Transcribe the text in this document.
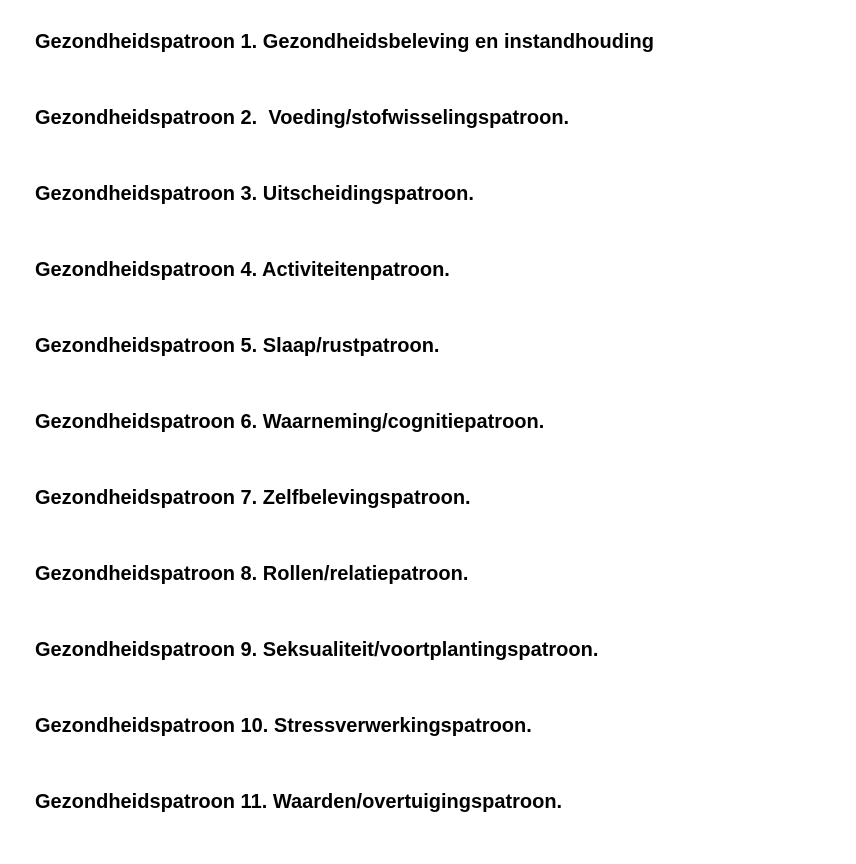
Gezondheidspatroon 1. Gezondheidsbeleving en instandhouding
Gezondheidspatroon 2.  Voeding/stofwisselingspatroon.
Gezondheidspatroon 3. Uitscheidingspatroon.
Gezondheidspatroon 4. Activiteitenpatroon.
Gezondheidspatroon 5. Slaap/rustpatroon.
Gezondheidspatroon 6. Waarneming/cognitiepatroon.
Gezondheidspatroon 7. Zelfbelevingspatroon.
Gezondheidspatroon 8. Rollen/relatiepatroon.
Gezondheidspatroon 9. Seksualiteit/voortplantingspatroon.
Gezondheidspatroon 10. Stressverwerkingspatroon.
Gezondheidspatroon 11. Waarden/overtuigingspatroon.
